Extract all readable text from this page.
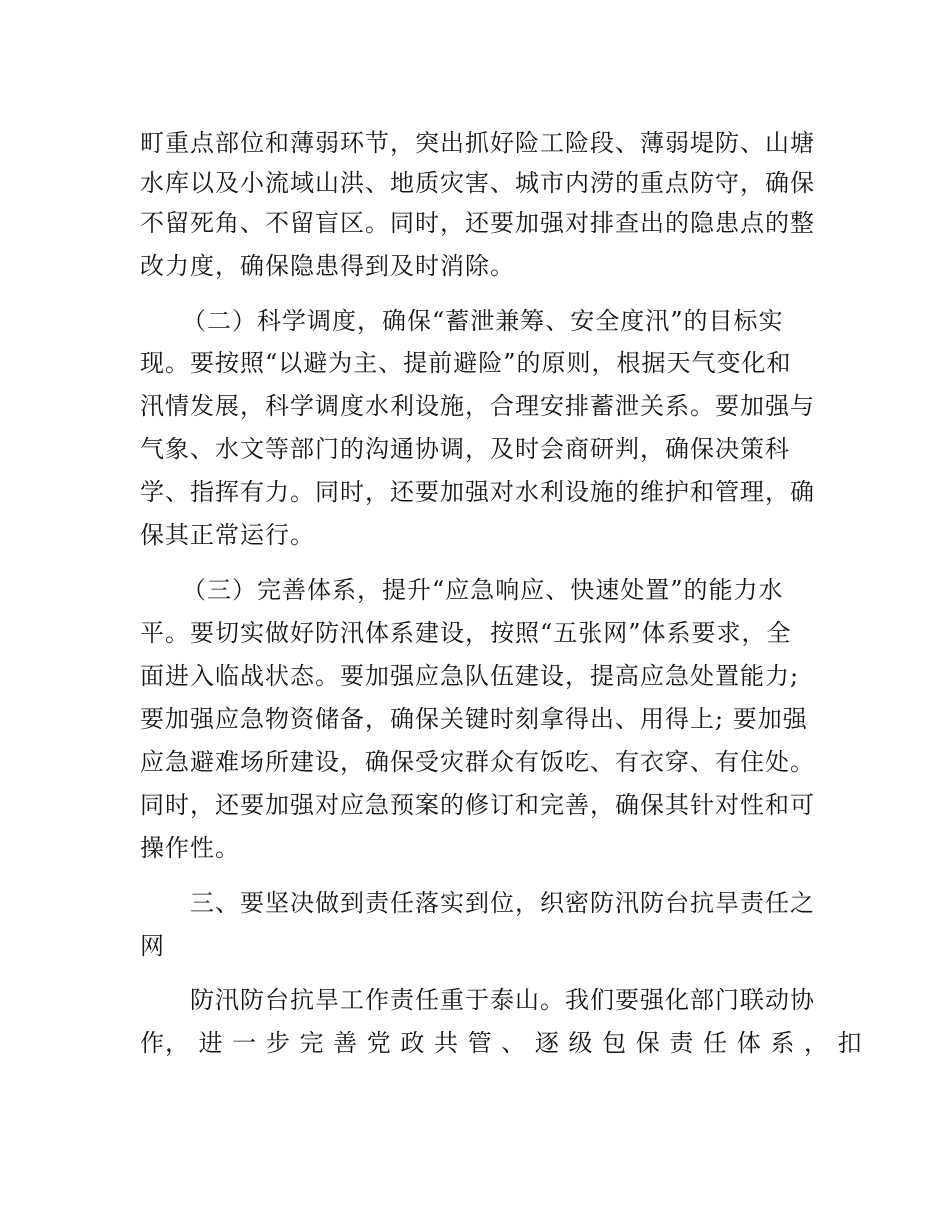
町重点部位和薄弱环节，突出抓好险工险段、薄弱堤防、山塘
水库以及小流域山洪、地质灾害、城市内涝的重点防守，确保
不留死角、不留盲区。同时，还要加强对排查出的隐患点的整
改力度，确保隐患得到及时消除。
（二）科学调度，确保“蓄泄兼筹、安全度汛”的目标实
现。要按照“以避为主、提前避险”的原则，根据天气变化和
汛情发展，科学调度水利设施，合理安排蓄泄关系。要加强与
气象、水文等部门的沟通协调，及时会商研判，确保决策科
学、指挥有力。同时，还要加强对水利设施的维护和管理，确
保其正常运行。
（三）完善体系，提升“应急响应、快速处置”的能力水
平。要切实做好防汛体系建设，按照“五张网”体系要求，全
面进入临战状态。要加强应急队伍建设，提高应急处置能力;
要加强应急物资储备，确保关键时刻拿得出、用得上; 要加强
应急避难场所建设，确保受灾群众有饭吃、有衣穿、有住处。
同时，还要加强对应急预案的修订和完善，确保其针对性和可
操作性。
三、要坚决做到责任落实到位，织密防汛防台抗旱责任之
网
防汛防台抗旱工作责任重于泰山。我们要强化部门联动协
作， 进 一 步 完 善 党 政 共 管 、 逐 级 包 保 责 任 体 系 ， 扣
